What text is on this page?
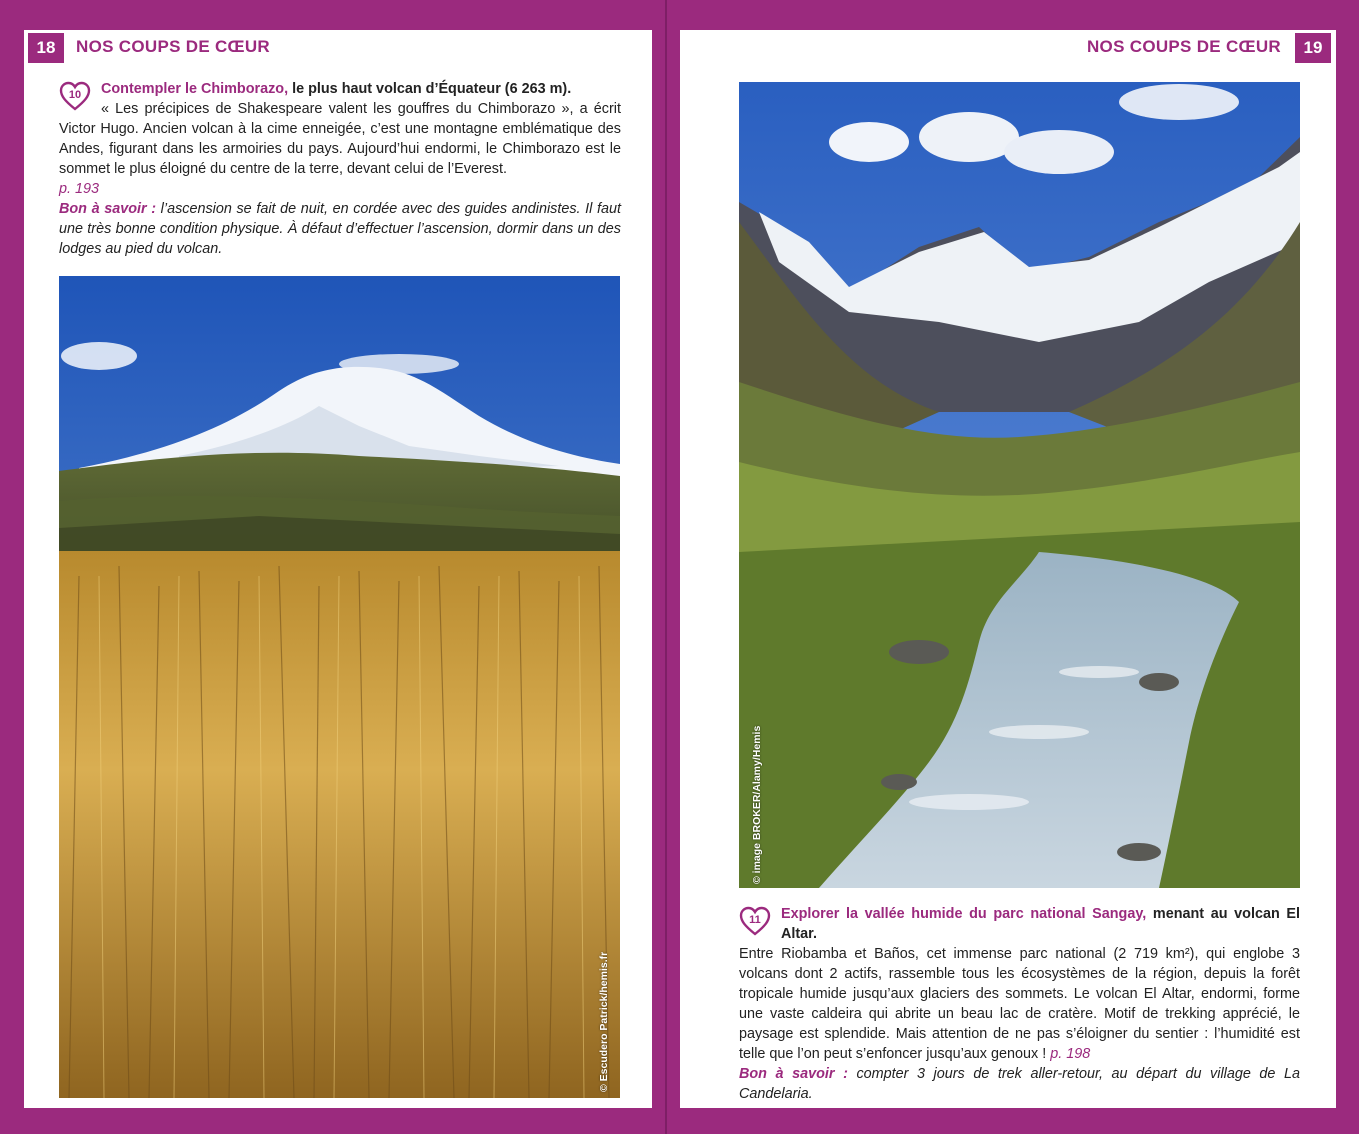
18	NOS COUPS DE CŒUR	NOS COUPS DE CŒUR	19
10	Contempler le Chimborazo, le plus haut volcan d’Équateur (6 263 m).
« Les précipices de Shakespeare valent les gouffres du Chimborazo », a écrit Victor Hugo. Ancien volcan à la cime enneigée, c’est une montagne emblématique des Andes, figurant dans les armoiries du pays. Aujourd’hui endormi, le Chimborazo est le sommet le plus éloigné du centre de la terre, devant celui de l’Everest.
p. 193
Bon à savoir : l’ascension se fait de nuit, en cordée avec des guides andinistes. Il faut une très bonne condition physique. À défaut d’effectuer l’ascension, dormir dans un des lodges au pied du volcan.
© Escudero Patrick/hemis.fr
© image BROKER/Alamy/Hemis
11	Explorer la vallée humide du parc national Sangay, menant au volcan El Altar.
Entre Riobamba et Baños, cet immense parc national (2 719 km²), qui englobe 3 volcans dont 2 actifs, rassemble tous les écosystèmes de la région, depuis la forêt tropicale humide jusqu’aux glaciers des sommets. Le volcan El Altar, endormi, forme une vaste caldeira qui abrite un beau lac de cratère. Motif de trekking apprécié, le paysage est splendide. Mais attention de ne pas s’éloigner du sentier : l’humidité est telle que l’on peut s’enfoncer jusqu’aux genoux ! p. 198
Bon à savoir : compter 3 jours de trek aller-retour, au départ du village de La Candelaria.
